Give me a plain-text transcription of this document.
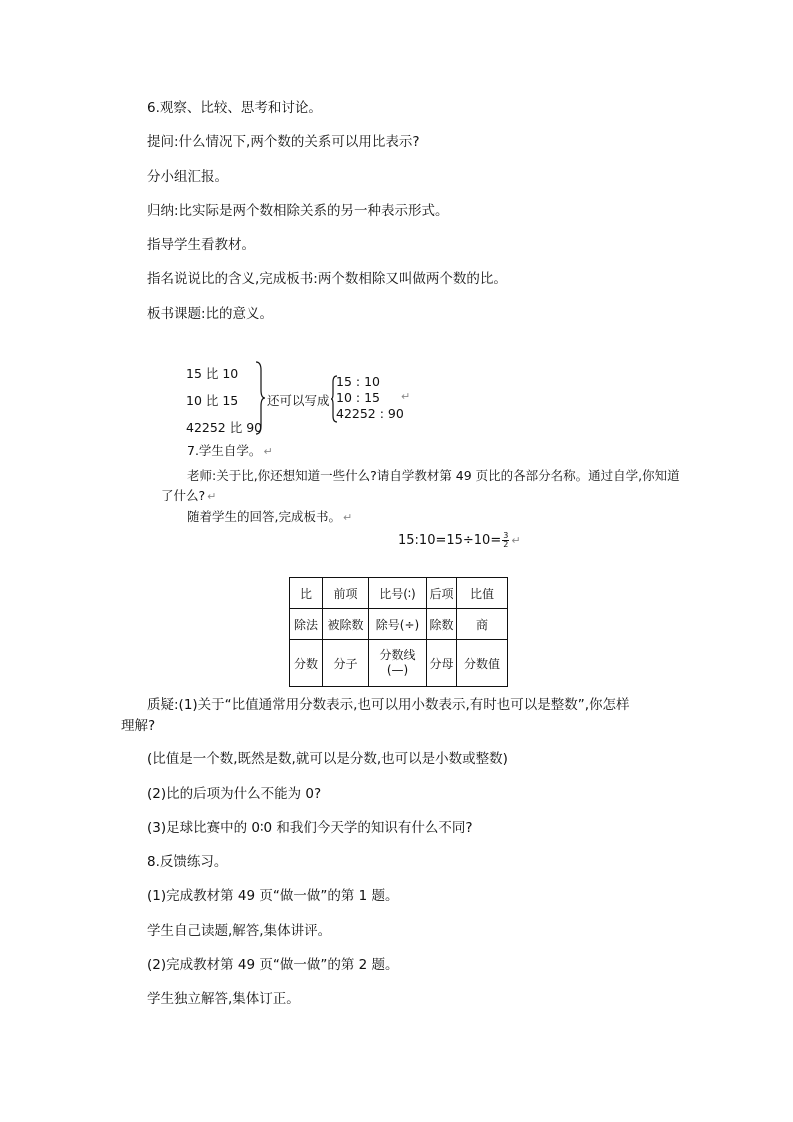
6.观察、比较、思考和讨论。
提问:什么情况下,两个数的关系可以用比表示?
分小组汇报。
归纳:比实际是两个数相除关系的另一种表示形式。
指导学生看教材。
指名说说比的含义,完成板书:两个数相除又叫做两个数的比。
板书课题:比的意义。
15 比 10
10 比 15
42252 比 90
还可以写成
15 : 10
10 : 15
42252 : 90
↵
7.学生自学。 ↵
老师:关于比,你还想知道一些什么?请自学教材第 49 页比的各部分名称。通过自学,你知道
了什么? ↵
随着学生的回答,完成板书。 ↵
15:10=15÷10= $\frac{3}{2}$ ↵
比	前项	比号(∶)	后项	比值
除法	被除数	除号(÷)	除数	商
分数	分子	分数线
(—)	分母	分数值
质疑:(1)关于“比值通常用分数表示,也可以用小数表示,有时也可以是整数”,你怎样
理解?
(比值是一个数,既然是数,就可以是分数,也可以是小数或整数)
(2)比的后项为什么不能为 0?
(3)足球比赛中的 0∶0 和我们今天学的知识有什么不同?
8.反馈练习。
(1)完成教材第 49 页“做一做”的第 1 题。
学生自己读题,解答,集体讲评。
(2)完成教材第 49 页“做一做”的第 2 题。
学生独立解答,集体订正。
